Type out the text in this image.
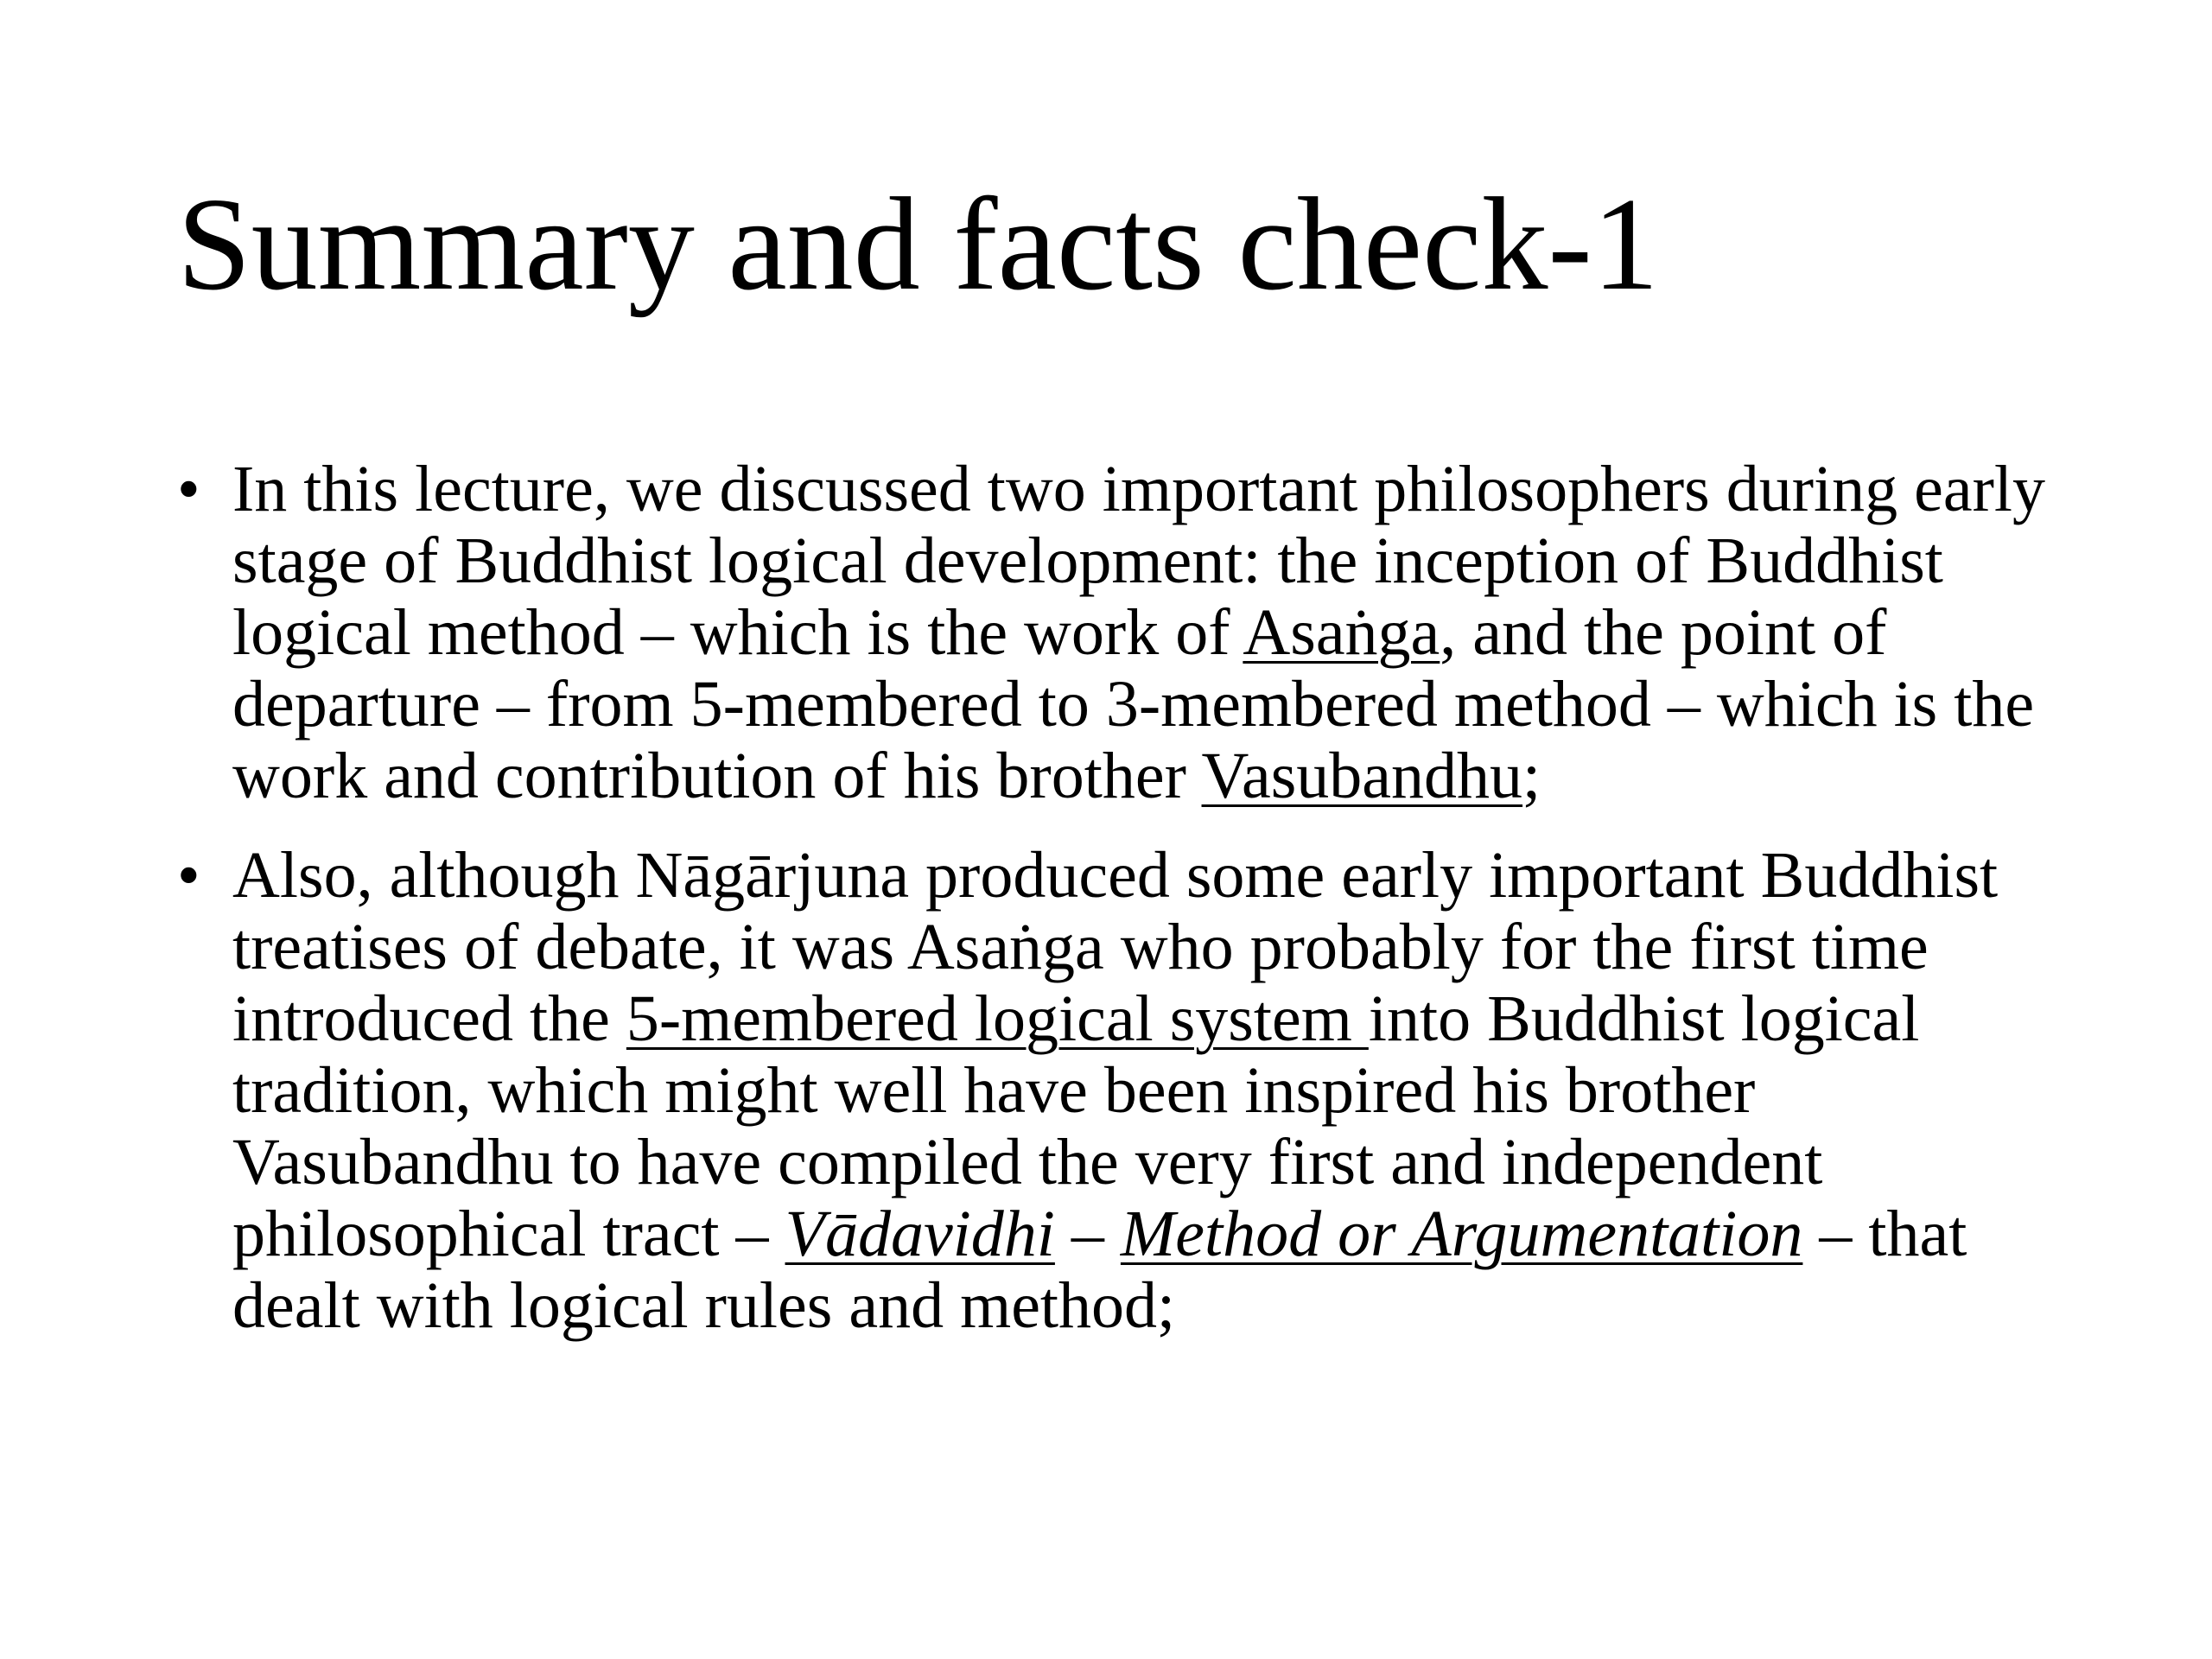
Summary and facts check-1
• In this lecture, we discussed two important philosophers during early stage of Buddhist logical development: the inception of Buddhist logical method – which is the work of Asaṅga, and the point of departure – from 5-membered to 3-membered method – which is the work and contribution of his brother Vasubandhu;
• Also, although Nāgārjuna produced some early important Buddhist treatises of debate, it was Asaṅga who probably for the first time introduced the 5-membered logical system into Buddhist logical tradition, which might well have been inspired his brother Vasubandhu to have compiled the very first and independent philosophical tract – Vādavidhi – Method or Argumentation – that dealt with logical rules and method;
